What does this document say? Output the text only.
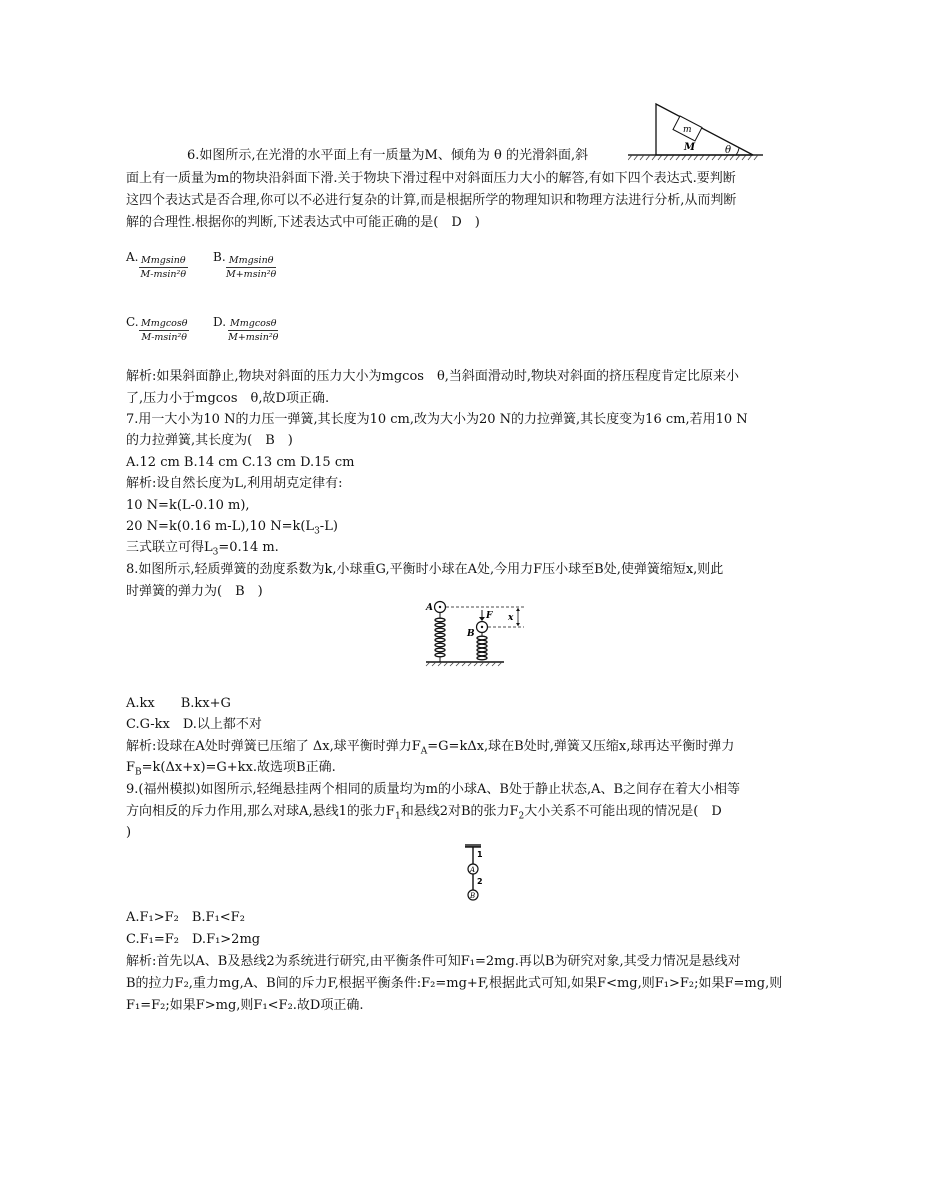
m
M	θ
6.如图所示,在光滑的水平面上有一质量为M、倾角为 θ 的光滑斜面,斜
面上有一质量为m的物块沿斜面下滑.关于物块下滑过程中对斜面压力大小的解答,有如下四个表达式.要判断
这四个表达式是否合理,你可以不必进行复杂的计算,而是根据所学的物理知识和物理方法进行分析,从而判断
解的合理性.根据你的判断,下述表达式中可能正确的是(　D　)
A. Mmgsinθ
M-msin²θ
B. Mmgsinθ
M+msin²θ
C. Mmgcosθ
M-msin²θ
D. Mmgcosθ
M+msin²θ
解析:如果斜面静止,物块对斜面的压力大小为mgcos　θ,当斜面滑动时,物块对斜面的挤压程度肯定比原来小
了,压力小于mgcos　θ,故D项正确.
7.用一大小为10 N的力压一弹簧,其长度为10 cm,改为大小为20 N的力拉弹簧,其长度变为16 cm,若用10 N
的力拉弹簧,其长度为(　B　)
A.12 cm B.14 cm C.13 cm D.15 cm
解析:设自然长度为L,利用胡克定律有:
10 N=k(L-0.10 m),
20 N=k(0.16 m-L),10 $N=k(L_3-L)$
三式联立可得$L_3=0.14$ m.
8.如图所示,轻质弹簧的劲度系数为k,小球重G,平衡时小球在A处,今用力F压小球至B处,使弹簧缩短x,则此
时弹簧的弹力为(　B　)
A
B
F x
A.kx　　B.kx+G
C.G-kx　D.以上都不对
解析:设球在A处时弹簧已压缩了 Δx,球平衡时弹力$F_A=G=k\Delta x$,球在B处时,弹簧又压缩x,球再达平衡时弹力
$F_B=k(\Delta x+x)=G+kx$.故选项B正确.
9.(福州模拟)如图所示,轻绳悬挂两个相同的质量均为m的小球A、B处于静止状态,A、B之间存在着大小相等
方向相反的斥力作用,那么对球A,悬线1的张力$F_1$和悬线2对B的张力$F_2$大小关系不可能出现的情况是(　D
)
1
A
2
B
A.F₁>F₂　B.F₁<F₂
C.F₁=F₂　D.F₁>2mg
解析:首先以A、B及悬线2为系统进行研究,由平衡条件可知F₁=2mg.再以B为研究对象,其受力情况是悬线对
B的拉力F₂,重力mg,A、B间的斥力F,根据平衡条件:F₂=mg+F,根据此式可知,如果F<mg,则F₁>F₂;如果F=mg,则
F₁=F₂;如果F>mg,则F₁<F₂.故D项正确.
